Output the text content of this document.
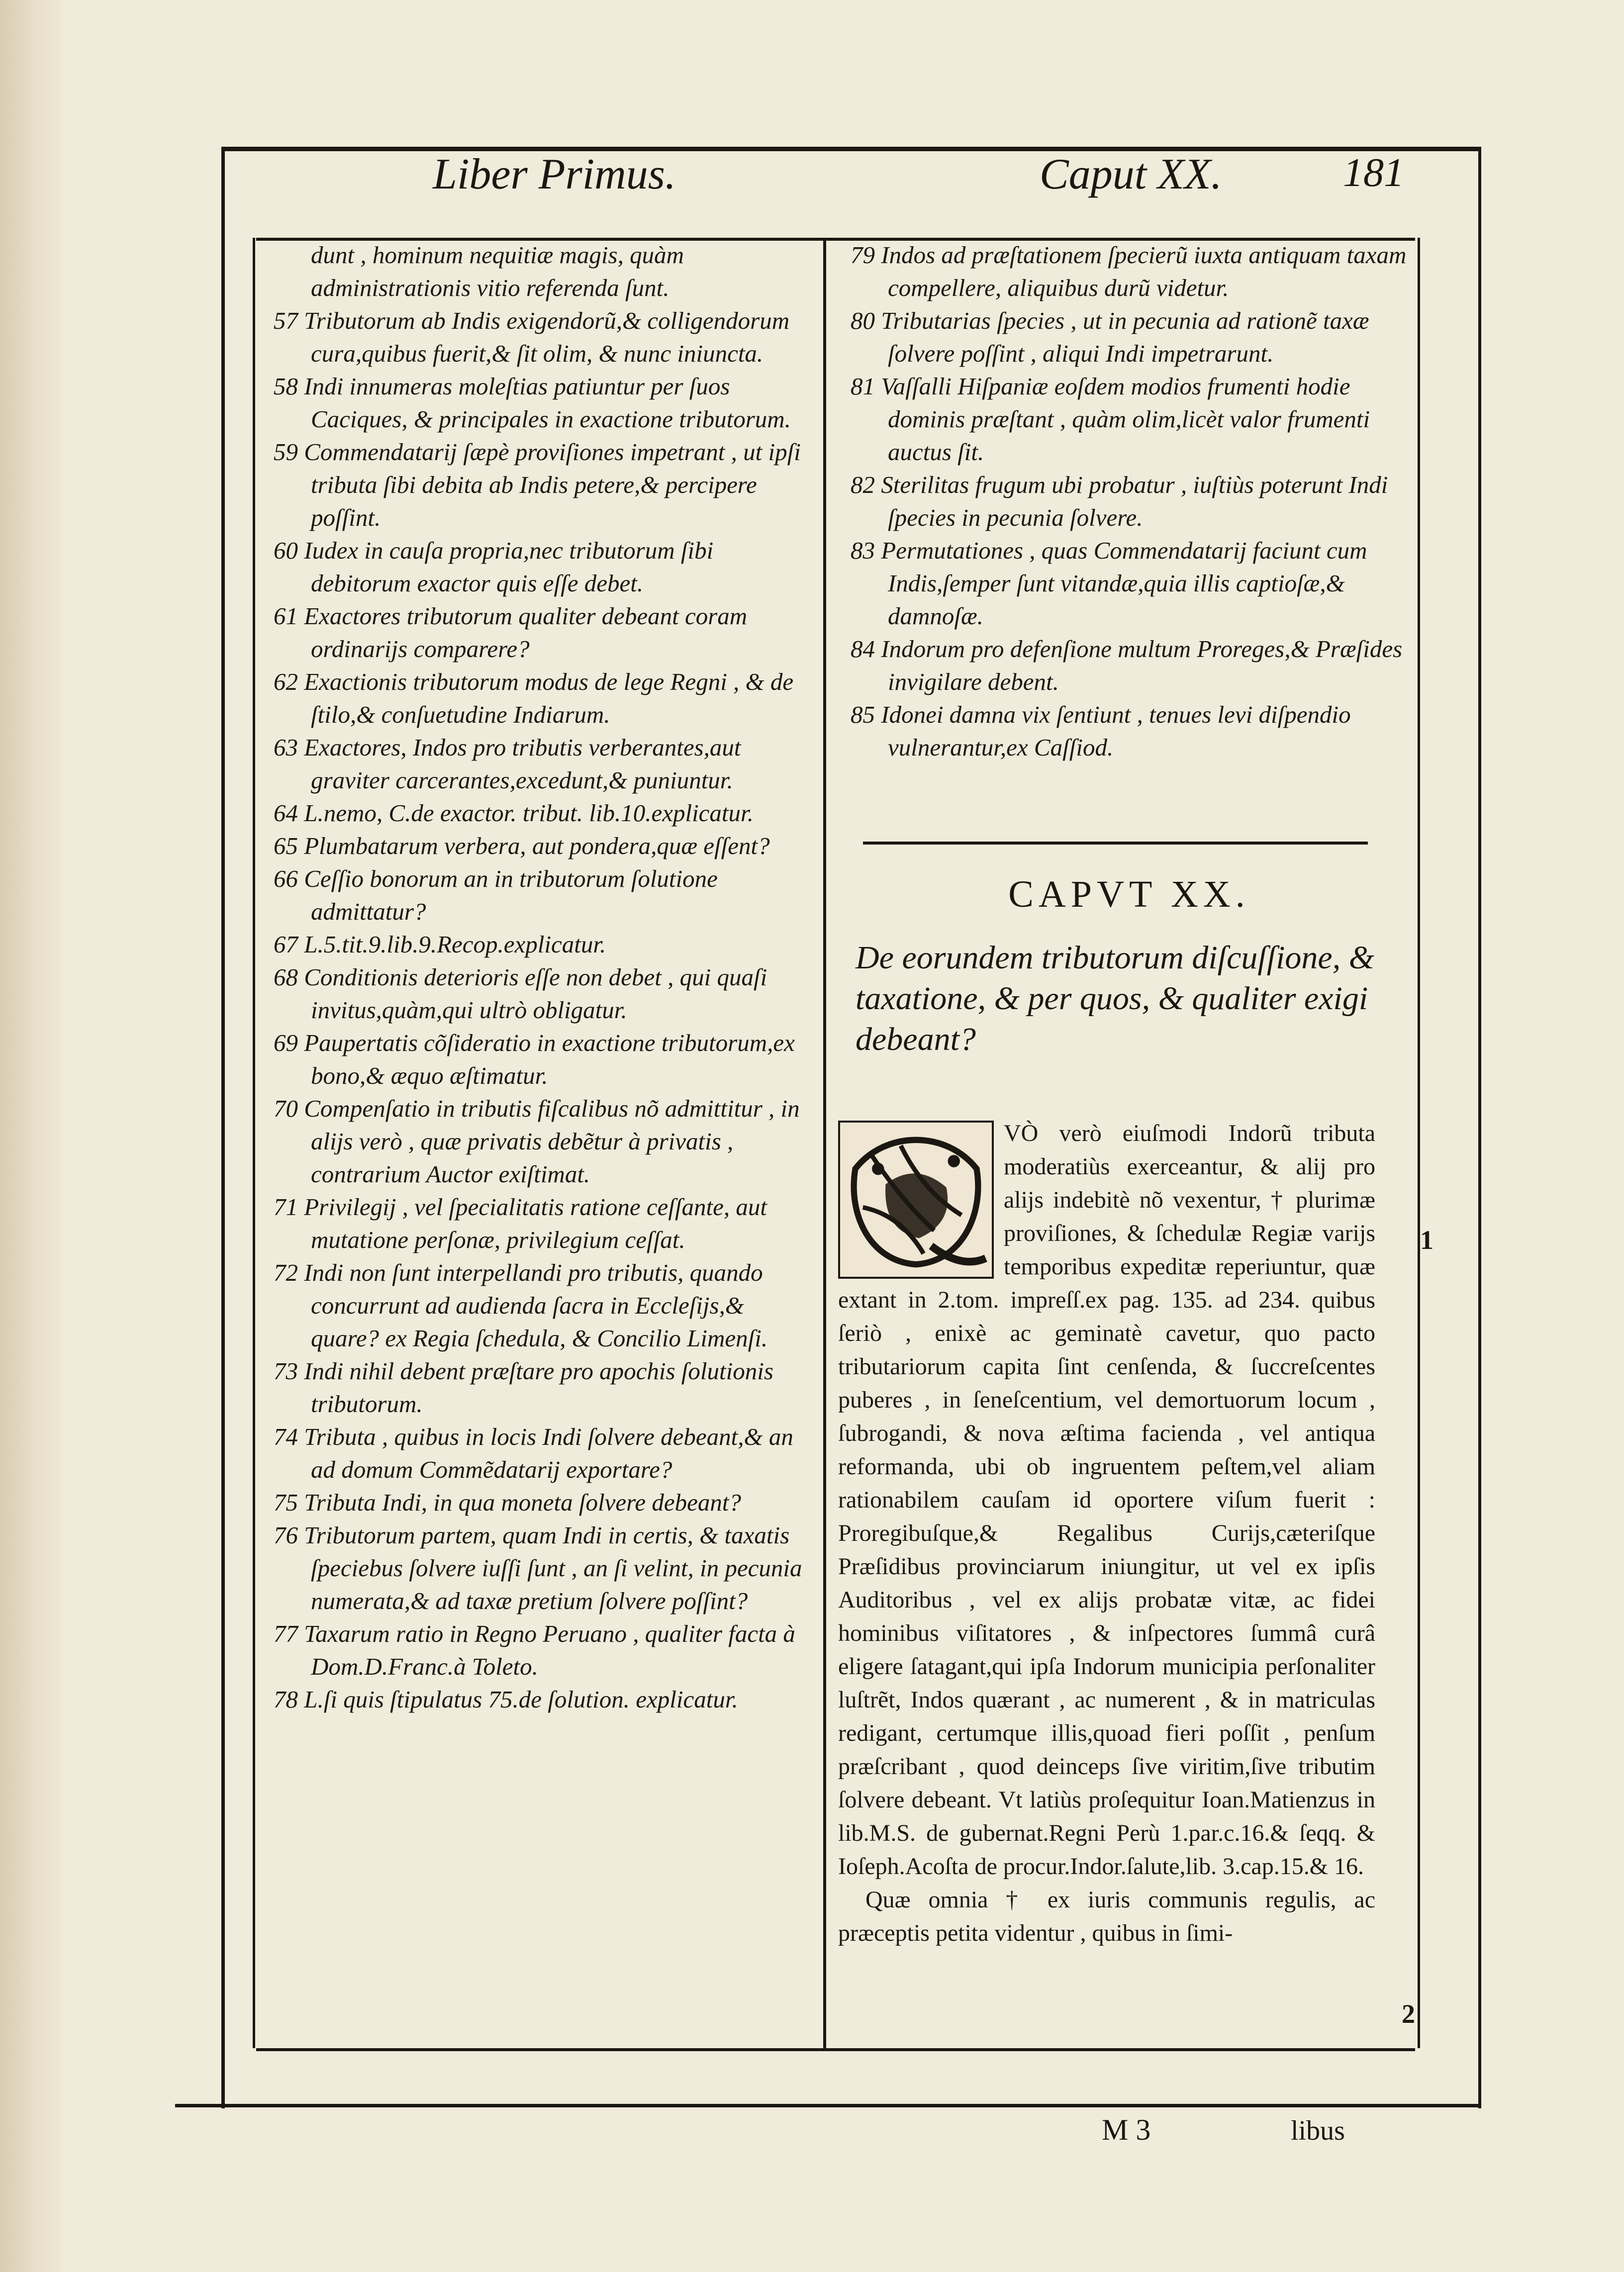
Liber Primus.	Caput XX.	181

dunt , hominum nequitiæ magis, quàm administrationis vitio referenda ſunt.

57 Tributorum ab Indis exigendorũ,& colligendorum cura,quibus fuerit,& ſit olim, & nunc iniuncta.

58 Indi innumeras moleſtias patiuntur per ſuos Caciques, & principales in exactione tributorum.

59 Commendatarij ſæpè proviſiones impetrant , ut ipſi tributa ſibi debita ab Indis petere,& percipere poſſint.

60 Iudex in cauſa propria,nec tributorum ſibi debitorum exactor quis eſſe debet.

61 Exactores tributorum qualiter debeant coram ordinarijs comparere?

62 Exactionis tributorum modus de lege Regni , & de ſtilo,& conſuetudine Indiarum.

63 Exactores, Indos pro tributis verberantes,aut graviter carcerantes,excedunt,& puniuntur.

64 L.nemo, C.de exactor. tribut. lib.10.explicatur.

65 Plumbatarum verbera, aut pondera,quæ eſſent?

66 Ceſſio bonorum an in tributorum ſolutione admittatur?

67 L.5.tit.9.lib.9.Recop.explicatur.

68 Conditionis deterioris eſſe non debet , qui quaſi invitus,quàm,qui ultrò obligatur.

69 Paupertatis cõſideratio in exactione tributorum,ex bono,& æquo æſtimatur.

70 Compenſatio in tributis fiſcalibus nõ admittitur , in alijs verò , quæ privatis debẽtur à privatis , contrarium Auctor exiſtimat.

71 Privilegij , vel ſpecialitatis ratione ceſſante, aut mutatione perſonæ, privilegium ceſſat.

72 Indi non ſunt interpellandi pro tributis, quando concurrunt ad audienda ſacra in Eccleſijs,& quare? ex Regia ſchedula, & Concilio Limenſi.

73 Indi nihil debent præſtare pro apochis ſolutionis tributorum.

74 Tributa , quibus in locis Indi ſolvere debeant,& an ad domum Commẽdatarij exportare?

75 Tributa Indi, in qua moneta ſolvere debeant?

76 Tributorum partem, quam Indi in certis, & taxatis ſpeciebus ſolvere iuſſi ſunt , an ſi velint, in pecunia numerata,& ad taxæ pretium ſolvere poſſint?

77 Taxarum ratio in Regno Peruano , qualiter facta à Dom.D.Franc.à Toleto.

78 L.ſi quis ſtipulatus 75.de ſolution. explicatur.

79 Indos ad præſtationem ſpecierũ iuxta antiquam taxam compellere, aliquibus durũ videtur.

80 Tributarias ſpecies , ut in pecunia ad rationẽ taxæ ſolvere poſſint , aliqui Indi impetrarunt.

81 Vaſſalli Hiſpaniæ eoſdem modios frumenti hodie dominis præſtant , quàm olim,licèt valor frumenti auctus ſit.

82 Sterilitas frugum ubi probatur , iuſtiùs poterunt Indi ſpecies in pecunia ſolvere.

83 Permutationes , quas Commendatarij faciunt cum Indis,ſemper ſunt vitandæ,quia illis captioſæ,& damnoſæ.

84 Indorum pro defenſione multum Proreges,& Præſides invigilare debent.

85 Idonei damna vix ſentiunt , tenues levi diſpendio vulnerantur,ex Caſſiod.

CAPVT XX.
De eorundem tributorum diſcuſſione, & taxatione, & per quos, & qualiter exigi debeant?

VÒ verò eiuſmodi Indorũ tributa moderatiùs exerceantur, & alij pro alijs indebitè nõ vexentur, † plurimæ proviſiones, & ſchedulæ Regiæ varijs temporibus expeditæ reperiuntur, quæ extant in 2.tom. impreſſ.ex pag. 135. ad 234. quibus ſeriò , enixè ac geminatè cavetur, quo pacto tributariorum capita ſint cenſenda, & ſuccreſcentes puberes , in ſeneſcentium, vel demortuorum locum , ſubrogandi, & nova æſtima facienda , vel antiqua reformanda, ubi ob ingruentem peſtem,vel aliam rationabilem cauſam id oportere viſum fuerit : Proregibuſque,& Regalibus Curijs,cæteriſque Præſidibus provinciarum iniungitur, ut vel ex ipſis Auditoribus , vel ex alijs probatæ vitæ, ac fidei hominibus viſitatores , & inſpectores ſummâ curâ eligere ſatagant,qui ipſa Indorum municipia perſonaliter luſtrẽt, Indos quærant , ac numerent , & in matriculas redigant, certumque illis,quoad fieri poſſit , penſum præſcribant , quod deinceps ſive viritim,ſive tributim ſolvere debeant. Vt latiùs proſequitur Ioan.Matienzus in lib.M.S. de gubernat.Regni Perù 1.par.c.16.& ſeqq. & Ioſeph.Acoſta de procur.Indor.ſalute,lib. 3.cap.15.& 16.

Quæ omnia † ex iuris communis regulis, ac præceptis petita videntur , quibus in ſimi-

1
2
M 3	libus
